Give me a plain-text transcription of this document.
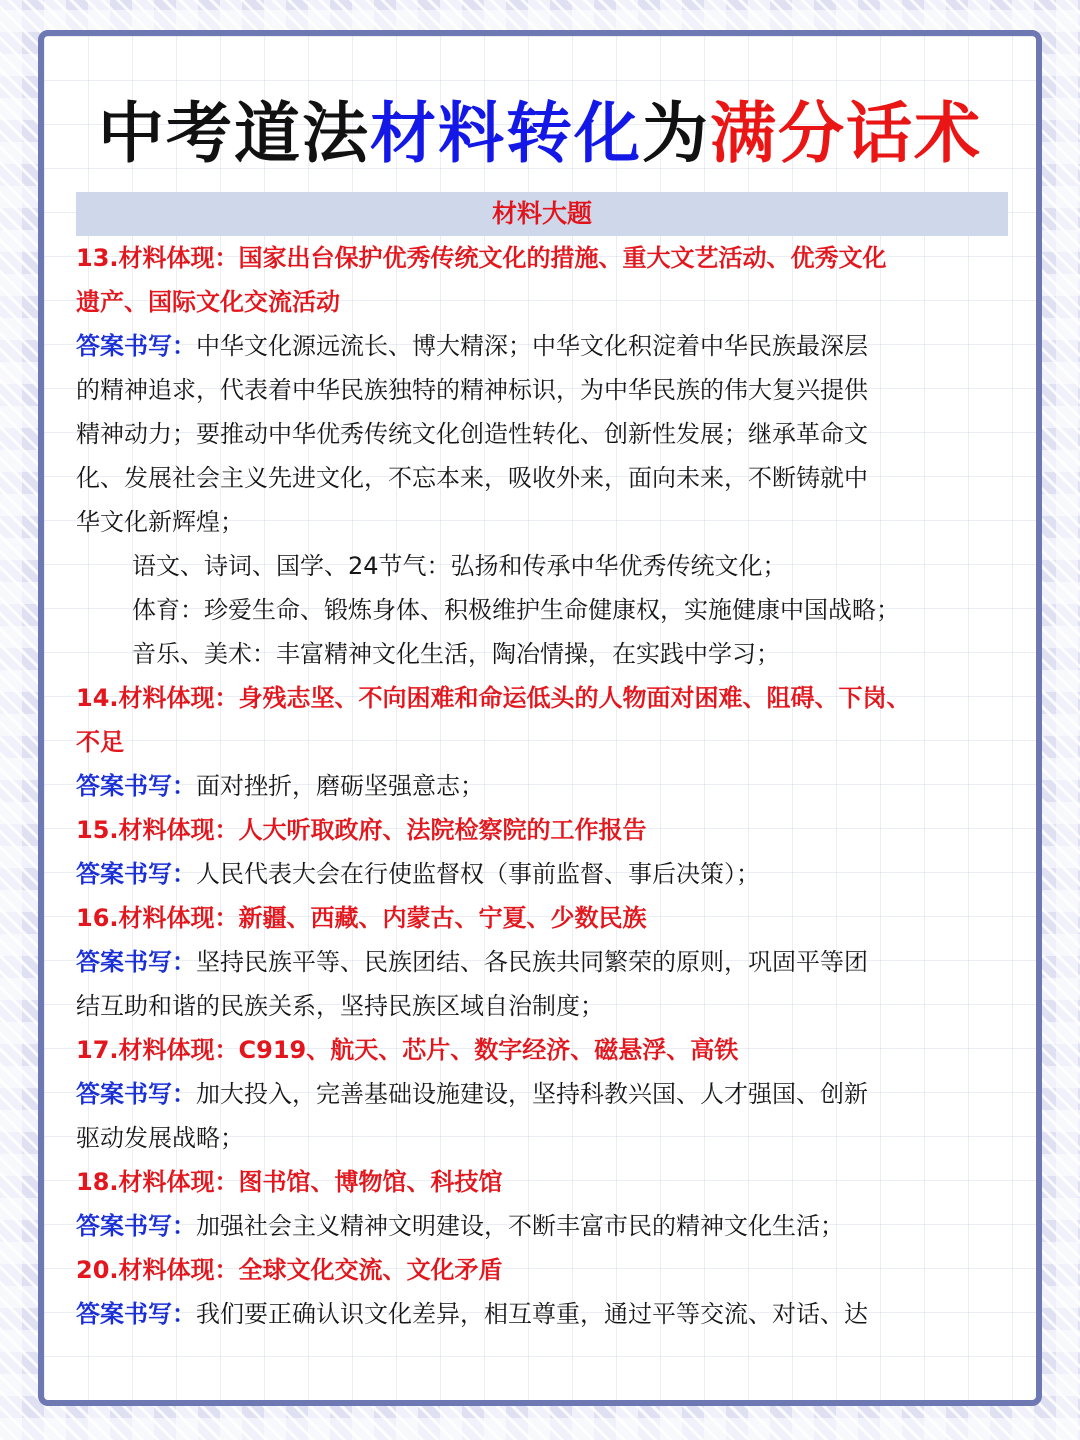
中考道法材料转化为满分话术
材料大题
13.材料体现：国家出台保护优秀传统文化的措施、重大文艺活动、优秀文化
遗产、国际文化交流活动
答案书写：中华文化源远流长、博大精深；中华文化积淀着中华民族最深层
的精神追求，代表着中华民族独特的精神标识，为中华民族的伟大复兴提供
精神动力；要推动中华优秀传统文化创造性转化、创新性发展；继承革命文
化、发展社会主义先进文化，不忘本来，吸收外来，面向未来，不断铸就中
华文化新辉煌；
语文、诗词、国学、24节气：弘扬和传承中华优秀传统文化；
体育：珍爱生命、锻炼身体、积极维护生命健康权，实施健康中国战略；
音乐、美术：丰富精神文化生活，陶冶情操，在实践中学习；
14.材料体现：身残志坚、不向困难和命运低头的人物面对困难、阻碍、下岗、
不足
答案书写：面对挫折，磨砺坚强意志；
15.材料体现：人大听取政府、法院检察院的工作报告
答案书写：人民代表大会在行使监督权（事前监督、事后决策）；
16.材料体现：新疆、西藏、内蒙古、宁夏、少数民族
答案书写：坚持民族平等、民族团结、各民族共同繁荣的原则，巩固平等团
结互助和谐的民族关系，坚持民族区域自治制度；
17.材料体现：C919、航天、芯片、数字经济、磁悬浮、高铁
答案书写：加大投入，完善基础设施建设，坚持科教兴国、人才强国、创新
驱动发展战略；
18.材料体现：图书馆、博物馆、科技馆
答案书写：加强社会主义精神文明建设，不断丰富市民的精神文化生活；
20.材料体现：全球文化交流、文化矛盾
答案书写：我们要正确认识文化差异，相互尊重，通过平等交流、对话、达
